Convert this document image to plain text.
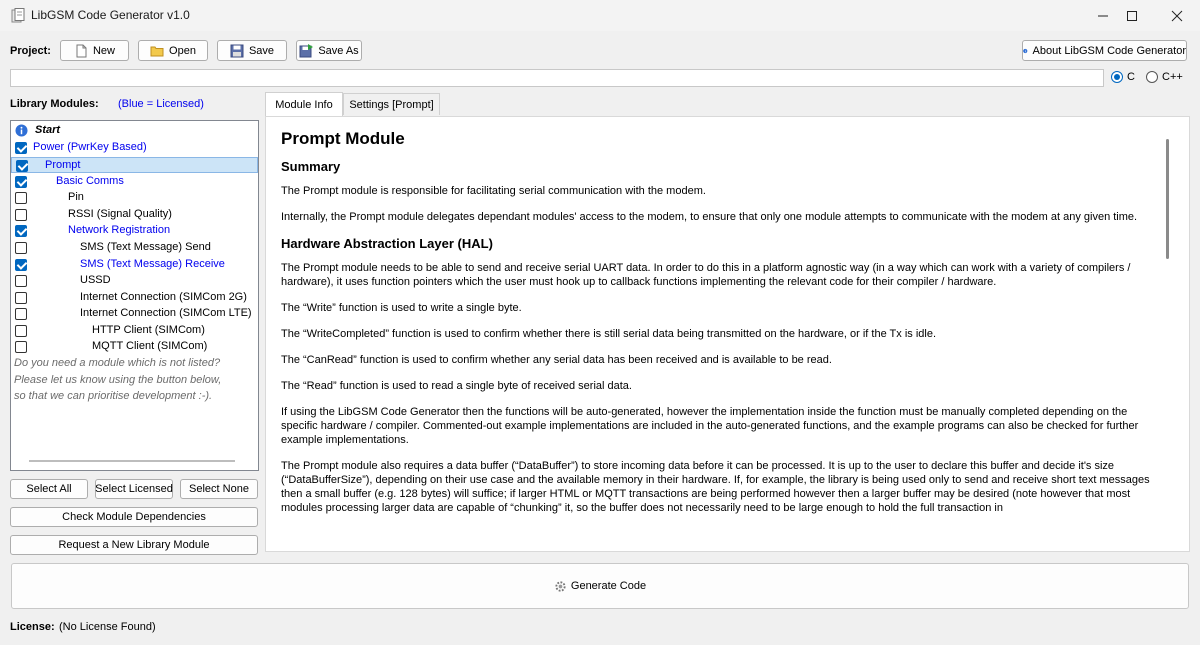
LibGSM Code Generator v1.0
Project:	New	Open	Save	Save As	About LibGSM Code Generator
C C++
Library Modules: (Blue = Licensed)
Start
Power (PwrKey Based)
Prompt
Basic Comms
Pin
RSSI (Signal Quality)
Network Registration
SMS (Text Message) Send
SMS (Text Message) Receive
USSD
Internet Connection (SIMCom 2G)
Internet Connection (SIMCom LTE)
HTTP Client (SIMCom)
MQTT Client (SIMCom)
Do you need a module which is not listed?
Please let us know using the button below,
so that we can prioritise development :-).
Select All Select Licensed Select None
Check Module Dependencies
Request a New Library Module
Module Info Settings [Prompt]
Prompt Module
Summary

The Prompt module is responsible for facilitating serial communication with the modem.

Internally, the Prompt module delegates dependant modules' access to the modem, to ensure that only one module attempts to communicate with the modem at any given time.

Hardware Abstraction Layer (HAL)

The Prompt module needs to be able to send and receive serial UART data. In order to do this in a platform agnostic way (in a way which can work with a variety of compilers / hardware), it uses function pointers which the user must hook up to callback functions implementing the relevant code for their compiler / hardware.

The “Write” function is used to write a single byte.

The “WriteCompleted” function is used to confirm whether there is still serial data being transmitted on the hardware, or if the Tx is idle.

The “CanRead” function is used to confirm whether any serial data has been received and is available to be read.

The “Read” function is used to read a single byte of received serial data.

If using the LibGSM Code Generator then the functions will be auto-generated, however the implementation inside the function must be manually completed depending on the specific hardware / compiler. Commented-out example implementations are included in the auto-generated functions, and the example programs can also be checked for further example implementations.

The Prompt module also requires a data buffer (“DataBuffer”) to store incoming data before it can be processed. It is up to the user to declare this buffer and decide it's size (“DataBufferSize”), depending on their use case and the available memory in their hardware. If, for example, the library is being used only to send and receive short text messages then a small buffer (e.g. 128 bytes) will suffice; if larger HTML or MQTT transactions are being performed however then a larger buffer may be desired (note however that most modules processing larger data are capable of “chunking” it, so the buffer does not necessarily need to be large enough to hold the full transaction in

Generate Code
License: (No License Found)
